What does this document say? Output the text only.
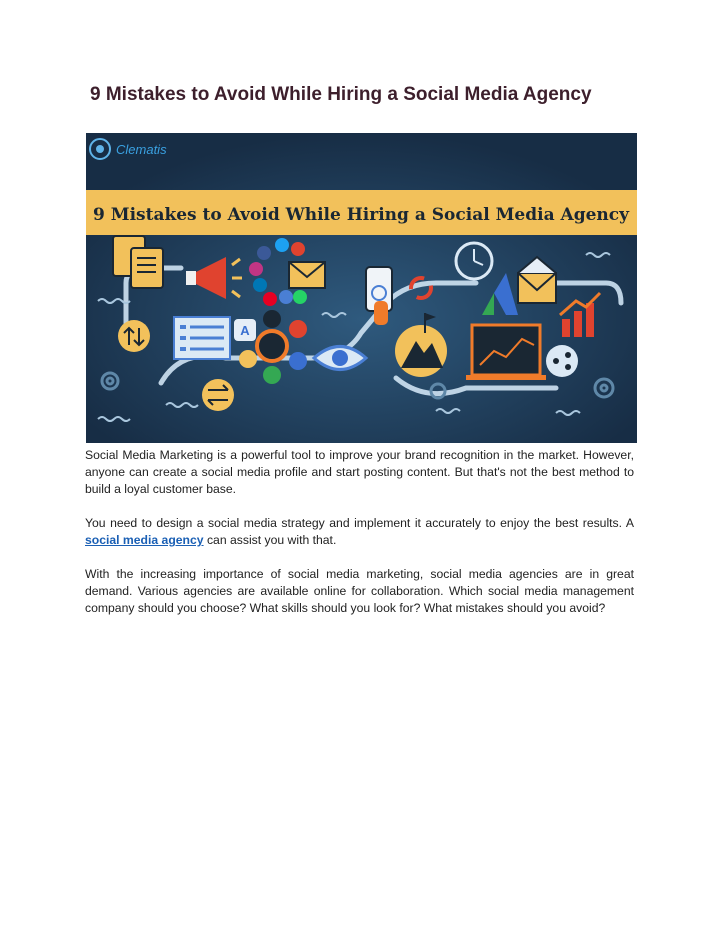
9 Mistakes to Avoid While Hiring a Social Media Agency
Clematis
9 Mistakes to Avoid While Hiring a Social Media Agency
A

Social Media Marketing is a powerful tool to improve your brand recognition in the market. However, anyone can create a social media profile and start posting content. But that's not the best method to build a loyal customer base.

You need to design a social media strategy and implement it accurately to enjoy the best results. A social media agency can assist you with that.

With the increasing importance of social media marketing, social media agencies are in great demand. Various agencies are available online for collaboration. Which social media management company should you choose? What skills should you look for? What mistakes should you avoid?
